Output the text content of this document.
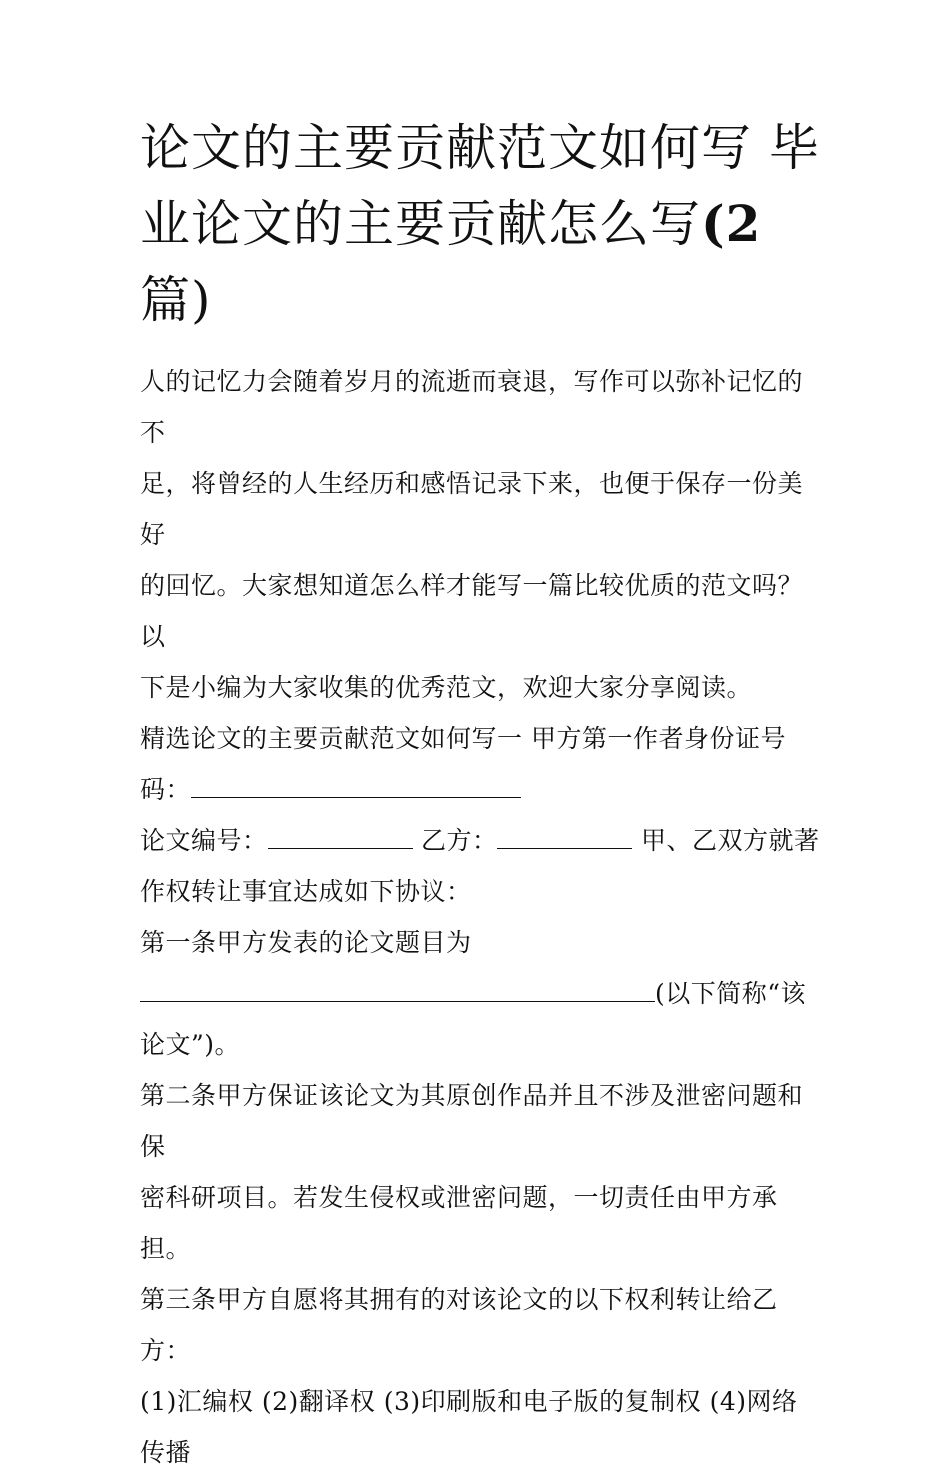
论文的主要贡献范文如何写 毕业论文的主要贡献怎么写(2
篇)

人的记忆力会随着岁月的流逝而衰退，写作可以弥补记忆的不

足，将曾经的人生经历和感悟记录下来，也便于保存一份美好

的回忆。大家想知道怎么样才能写一篇比较优质的范文吗？以

下是小编为大家收集的优秀范文，欢迎大家分享阅读。

精选论文的主要贡献范文如何写一 甲方第一作者身份证号

码：

论文编号：	乙方：	甲、乙双方就著

作权转让事宜达成如下协议：

第一条甲方发表的论文题目为

(以下简称“该

论文”)。

第二条甲方保证该论文为其原创作品并且不涉及泄密问题和保

密科研项目。若发生侵权或泄密问题，一切责任由甲方承担。

第三条甲方自愿将其拥有的对该论文的以下权利转让给乙方：

(1)汇编权 (2)翻译权 (3)印刷版和电子版的复制权 (4)网络传播
